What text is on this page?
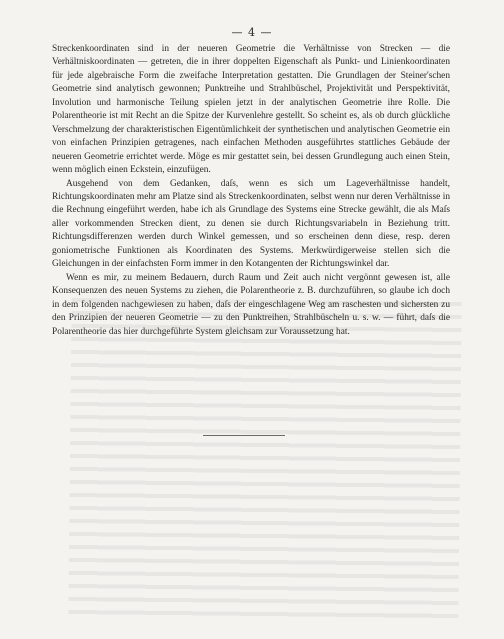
— 4 —

Streckenkoordinaten sind in der neueren Geometrie die Verhältnisse von Strecken — die Verhältniskoordinaten — getreten, die in ihrer doppelten Eigenschaft als Punkt- und Linienkoordinaten für jede algebraische Form die zweifache Interpretation gestatten. Die Grundlagen der Steiner'schen Geometrie sind analytisch gewonnen; Punktreihe und Strahlbüschel, Projektivität und Perspektivität, Involution und harmonische Teilung spielen jetzt in der analytischen Geometrie ihre Rolle. Die Polarentheorie ist mit Recht an die Spitze der Kurvenlehre gestellt. So scheint es, als ob durch glückliche Verschmelzung der charakteristischen Eigentümlichkeit der synthetischen und analytischen Geometrie ein von einfachen Prinzipien getragenes, nach einfachen Methoden ausgeführtes stattliches Gebäude der neueren Geometrie errichtet werde. Möge es mir gestattet sein, bei dessen Grundlegung auch einen Stein, wenn möglich einen Eckstein, einzufügen.

Ausgehend von dem Gedanken, daſs, wenn es sich um Lageverhältnisse handelt, Richtungskoordinaten mehr am Platze sind als Streckenkoordinaten, selbst wenn nur deren Verhältnisse in die Rechnung eingeführt werden, habe ich als Grundlage des Systems eine Strecke gewählt, die als Maſs aller vorkommenden Strecken dient, zu denen sie durch Richtungsvariabeln in Beziehung tritt. Richtungsdifferenzen werden durch Winkel gemessen, und so erscheinen denn diese, resp. deren goniometrische Funktionen als Koordinaten des Systems. Merkwürdigerweise stellen sich die Gleichungen in der einfachsten Form immer in den Kotangenten der Richtungswinkel dar.

Wenn es mir, zu meinem Bedauern, durch Raum und Zeit auch nicht vergönnt gewesen ist, alle Konsequenzen des neuen Systems zu ziehen, die Polarentheorie z. B. durchzuführen, so glaube ich doch in dem folgenden nachgewiesen zu haben, daſs der eingeschlagene Weg am raschesten und sichersten zu den Prinzipien der neueren Geometrie — zu den Punktreihen, Strahlbüscheln u. s. w. — führt, daſs die Polarentheorie das hier durchgeführte System gleichsam zur Voraussetzung hat.
